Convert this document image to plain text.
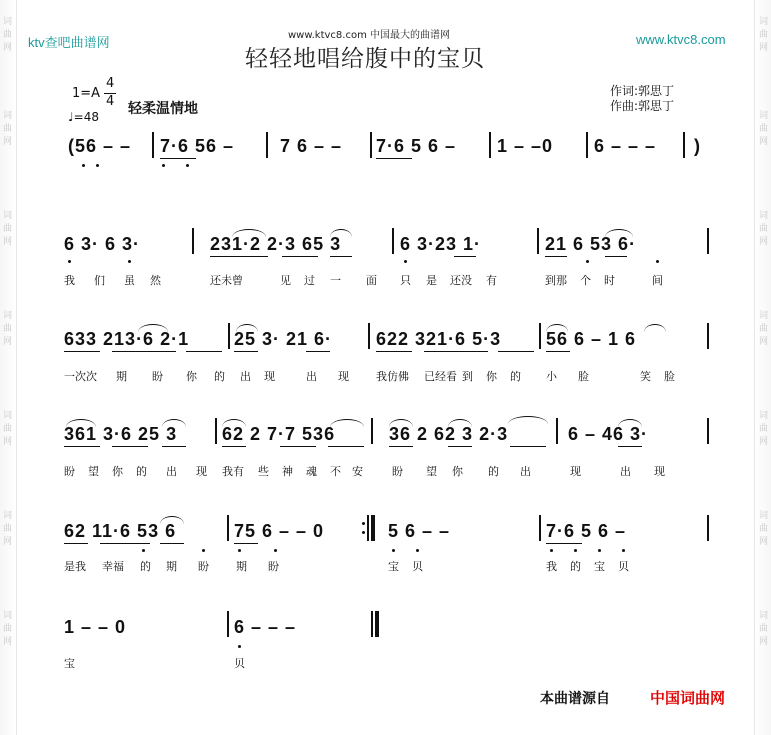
词
曲
网
词
曲
网
词
曲
网
词
曲
网
词
曲
网
词
曲
网
词
曲
网
词
曲
网
词
曲
网
词
曲
网
词
曲
网
词
曲
网
词
曲
网
词
曲
网
ktv查吧曲谱网	www.ktvc8.com 中国最大的曲谱网	www.ktvc8.com
轻轻地唱给腹中的宝贝
1=A
4
4 轻柔温情地
♩=48
作词:郭思丁
作曲:郭思丁
(56 – – 7·6 56 –	7 6 – – 7·6 5 6 – 1 – –0 6 – – – )
6 3· 6 3·	231·2 2·3 65 3	6 3·23 1·	21 6 53 6·
我 们 虽 然	还未曾	见 过 一 面 只 是 还没 有	到那 个 时	间
633 213·6 2·1 25 3· 21 6· 622 321·6 5·3 56 6 – 1 6
一次次 期 盼 你 的 出 现	出 现 我仿佛 已经看 到 你 的 小 脸	笑 脸
361 3·6 25 3 62 2 7·7 536	36 2 62 3 2·3	6 – 46 3·
盼 望 你 的 出 现 我有 些 神 魂 不 安	盼 望 你 的 出	现	出 现
62 11·6 53 6	75 6 – – 0	5 6 – –	7·6 5 6 –
是我 幸福 的 期 盼 期 盼	宝 贝	我 的 宝 贝
1 – – 0	6 – – –
宝	贝
本曲谱源自	中国词曲网
